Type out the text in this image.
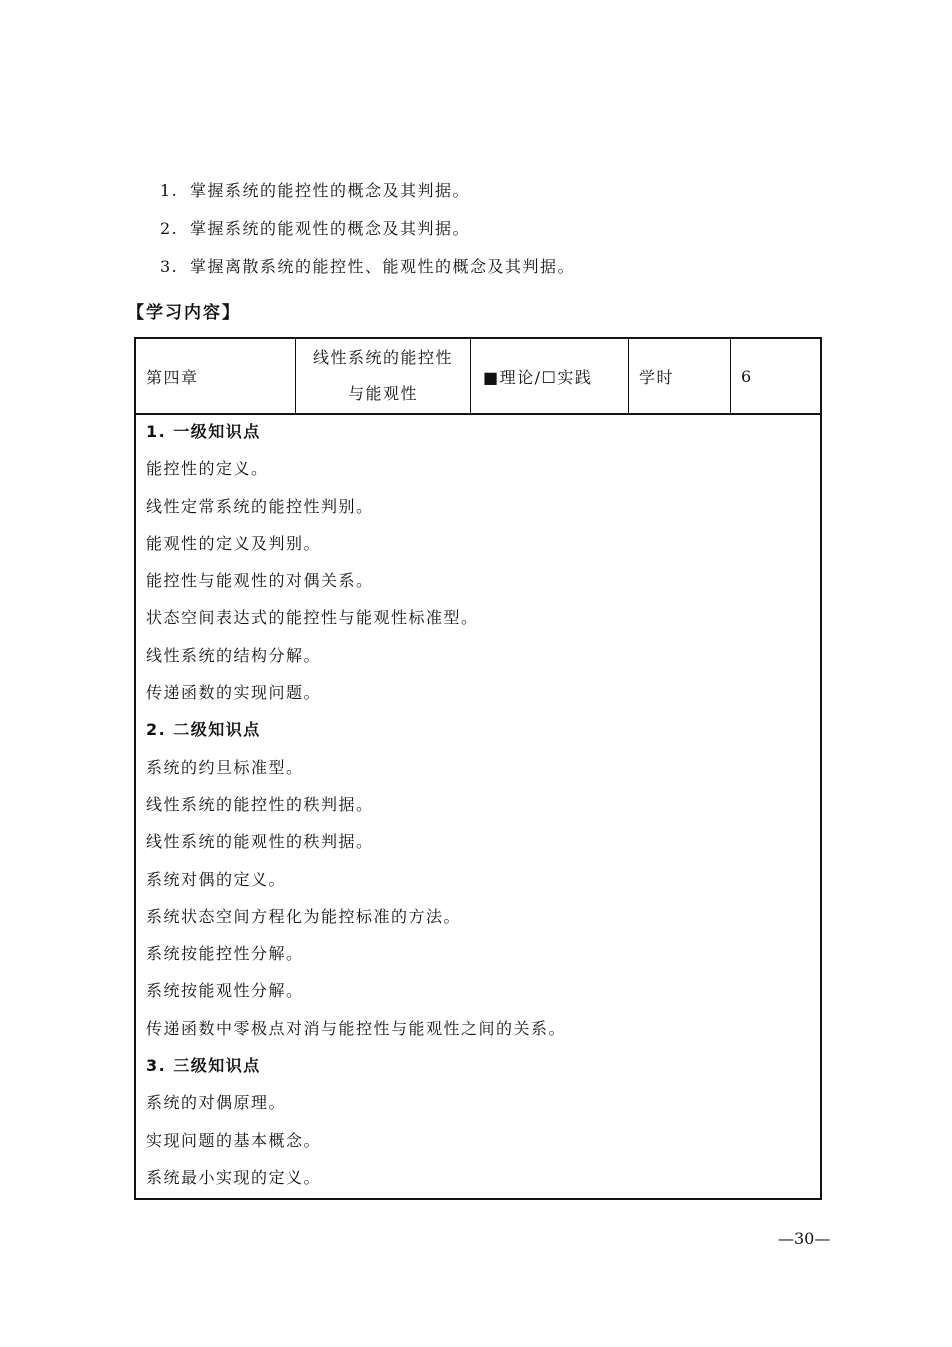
1. 掌握系统的能控性的概念及其判据。
2. 掌握系统的能观性的概念及其判据。
3. 掌握离散系统的能控性、能观性的概念及其判据。
【学习内容】
第四章
线性系统的能控性
与能观性
■理论/☐实践	学时	6
1. 一级知识点
能控性的定义。
线性定常系统的能控性判别。
能观性的定义及判别。
能控性与能观性的对偶关系。
状态空间表达式的能控性与能观性标准型。
线性系统的结构分解。
传递函数的实现问题。
2. 二级知识点
系统的约旦标准型。
线性系统的能控性的秩判据。
线性系统的能观性的秩判据。
系统对偶的定义。
系统状态空间方程化为能控标准的方法。
系统按能控性分解。
系统按能观性分解。
传递函数中零极点对消与能控性与能观性之间的关系。
3. 三级知识点
系统的对偶原理。
实现问题的基本概念。
系统最小实现的定义。
—30—
